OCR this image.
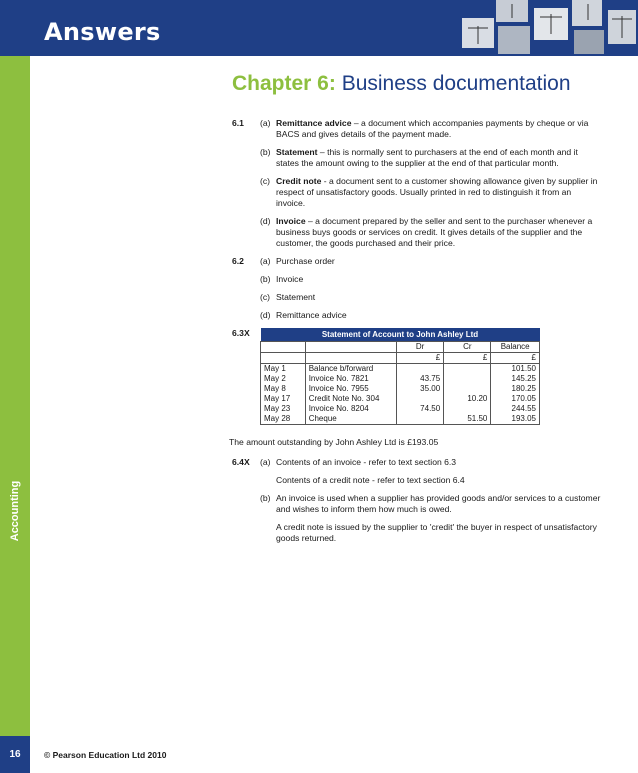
Answers
Accounting
16	© Pearson Education Ltd 2010
Chapter 6: Business documentation
6.1 (a) Remittance advice – a document which accompanies payments by cheque or via BACS and gives details of the payment made.
(b) Statement – this is normally sent to purchasers at the end of each month and it states the amount owing to the supplier at the end of that particular month.
(c) Credit note - a document sent to a customer showing allowance given by supplier in respect of unsatisfactory goods. Usually printed in red to distinguish it from an invoice.
(d) Invoice – a document prepared by the seller and sent to the purchaser whenever a business buys goods or services on credit. It gives details of the supplier and the customer, the goods purchased and their price.
6.2 (a) Purchase order
(b) Invoice
(c) Statement
(d) Remittance advice
6.3X	Statement of Account to John Ashley Ltd				
		Dr	Cr	Balance
		£	£	£
May 1	Balance b/forward			101.50
May 2	Invoice No. 7821	43.75		145.25
May 8	Invoice No. 7955	35.00		180.25
May 17	Credit Note No. 304		10.20	170.05
May 23	Invoice No. 8204	74.50		244.55
May 28	Cheque		51.50	193.05
The amount outstanding by John Ashley Ltd is £193.05
6.4X (a) Contents of an invoice - refer to text section 6.3
Contents of a credit note - refer to text section 6.4
(b) An invoice is used when a supplier has provided goods and/or services to a customer and wishes to inform them how much is owed.
A credit note is issued by the supplier to 'credit' the buyer in respect of unsatisfactory goods returned.
